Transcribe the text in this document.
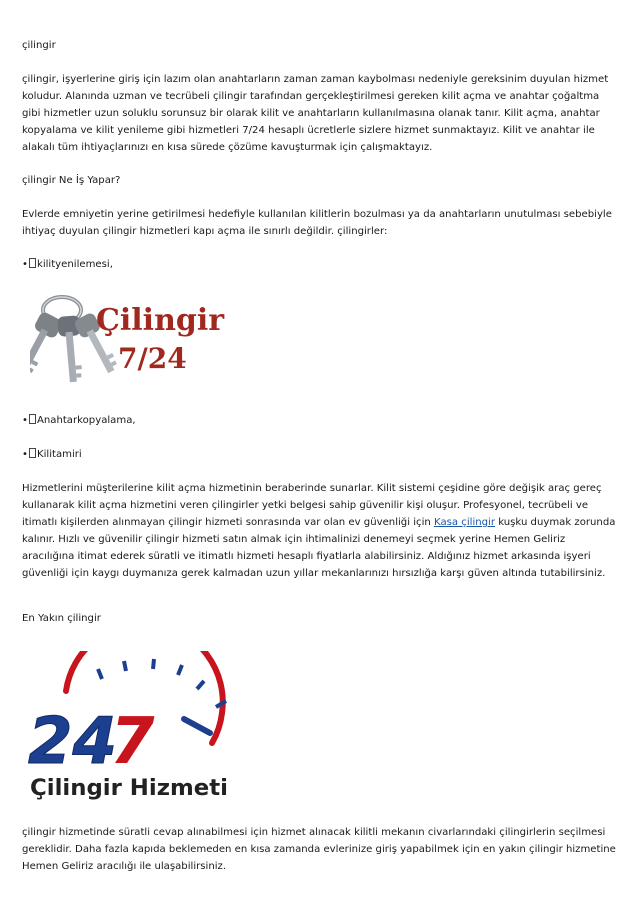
çilingir

çilingir, işyerlerine giriş için lazım olan anahtarların zaman zaman kaybolması nedeniyle gereksinim duyulan hizmet koludur. Alanında uzman ve tecrübeli çilingir tarafından gerçekleştirilmesi gereken kilit açma ve anahtar çoğaltma gibi hizmetler uzun soluklu sorunsuz bir olarak kilit ve anahtarların kullanılmasına olanak tanır. Kilit açma, anahtar kopyalama ve kilit yenileme gibi hizmetleri 7/24 hesaplı ücretlerle sizlere hizmet sunmaktayız. Kilit ve anahtar ile alakalı tüm ihtiyaçlarınızı en kısa sürede çözüme kavuşturmak için çalışmaktayız.

çilingir Ne İş Yapar?

Evlerde emniyetin yerine getirilmesi hedefiyle kullanılan kilitlerin bozulması ya da anahtarların unutulması sebebiyle ihtiyaç duyulan çilingir hizmetleri kapı açma ile sınırlı değildir. çilingirler:

• kilityenilemesi,

Çilingir
7/24

• Anahtarkopyalama,

• Kilitamiri

Hizmetlerini müşterilerine kilit açma hizmetinin beraberinde sunarlar. Kilit sistemi çeşidine göre değişik araç gereç kullanarak kilit açma hizmetini veren çilingirler yetki belgesi sahip güvenilir kişi oluşur. Profesyonel, tecrübeli ve itimatlı kişilerden alınmayan çilingir hizmeti sonrasında var olan ev güvenliği için Kasa çilingir kuşku duymak zorunda kalınır. Hızlı ve güvenilir çilingir hizmeti satın almak için ihtimalinizi denemeyi seçmek yerine Hemen Geliriz aracılığına itimat ederek süratli ve itimatlı hizmeti hesaplı fiyatlarla alabilirsiniz. Aldığınız hizmet arkasında işyeri güvenliği için kaygı duymanıza gerek kalmadan uzun yıllar mekanlarınızı hırsızlığa karşı güven altında tutabilirsiniz.

En Yakın çilingir

24
7
Çilingir Hizmeti

çilingir hizmetinde süratli cevap alınabilmesi için hizmet alınacak kilitli mekanın civarlarındaki çilingirlerin seçilmesi gereklidir. Daha fazla kapıda beklemeden en kısa zamanda evlerinize giriş yapabilmek için en yakın çilingir hizmetine Hemen Geliriz aracılığı ile ulaşabilirsiniz.
